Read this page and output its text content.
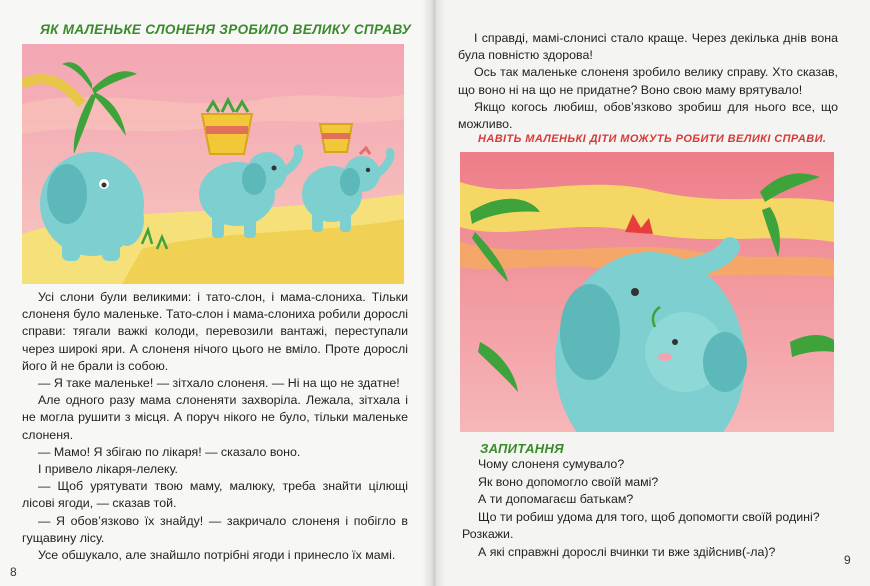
ЯК МАЛЕНЬКЕ СЛОНЕНЯ ЗРОБИЛО ВЕЛИКУ СПРАВУ

Усі слони були великими: і тато-слон, і мама-слониха. Тільки слоненя було маленьке. Тато-слон і мама-слониха робили дорослі справи: тягали важкі колоди, перевозили вантажі, переступали через широкі яри. А слоненя нічого цього не вміло. Проте дорослі його й не брали із собою.

— Я таке маленьке! — зітхало слоненя. — Ні на що не здатне!

Але одного разу мама слоненяти захворіла. Лежала, зітхала і не могла рушити з місця. А поруч нікого не було, тільки маленьке слоненя.

— Мамо! Я збігаю по лікаря! — сказало воно.

І привело лікаря-лелеку.

— Щоб урятувати твою маму, малюку, треба знайти цілющі лісові ягоди, — сказав той.

— Я обов’язково їх знайду! — закричало слоненя і побігло в гущавину лісу.

Усе обшукало, але знайшло потрібні ягоди і принесло їх мамі.

8

І справді, мамі-слонисі стало краще. Через декілька днів вона була повністю здорова!

Ось так маленьке слоненя зробило велику справу. Хто сказав, що воно ні на що не придатне? Воно свою маму врятувало!

Якщо когось любиш, обов’язково зробиш для нього все, що можливо.

НАВІТЬ МАЛЕНЬКІ ДІТИ МОЖУТЬ РОБИТИ ВЕЛИКІ СПРАВИ.
ЗАПИТАННЯ

Чому слоненя сумувало?

Як воно допомогло своїй мамі?

А ти допомагаєш батькам?

Що ти робиш удома для того, щоб допомогти своїй родині? Розкажи.

А які справжні дорослі вчинки ти вже здійснив(-ла)?

9
